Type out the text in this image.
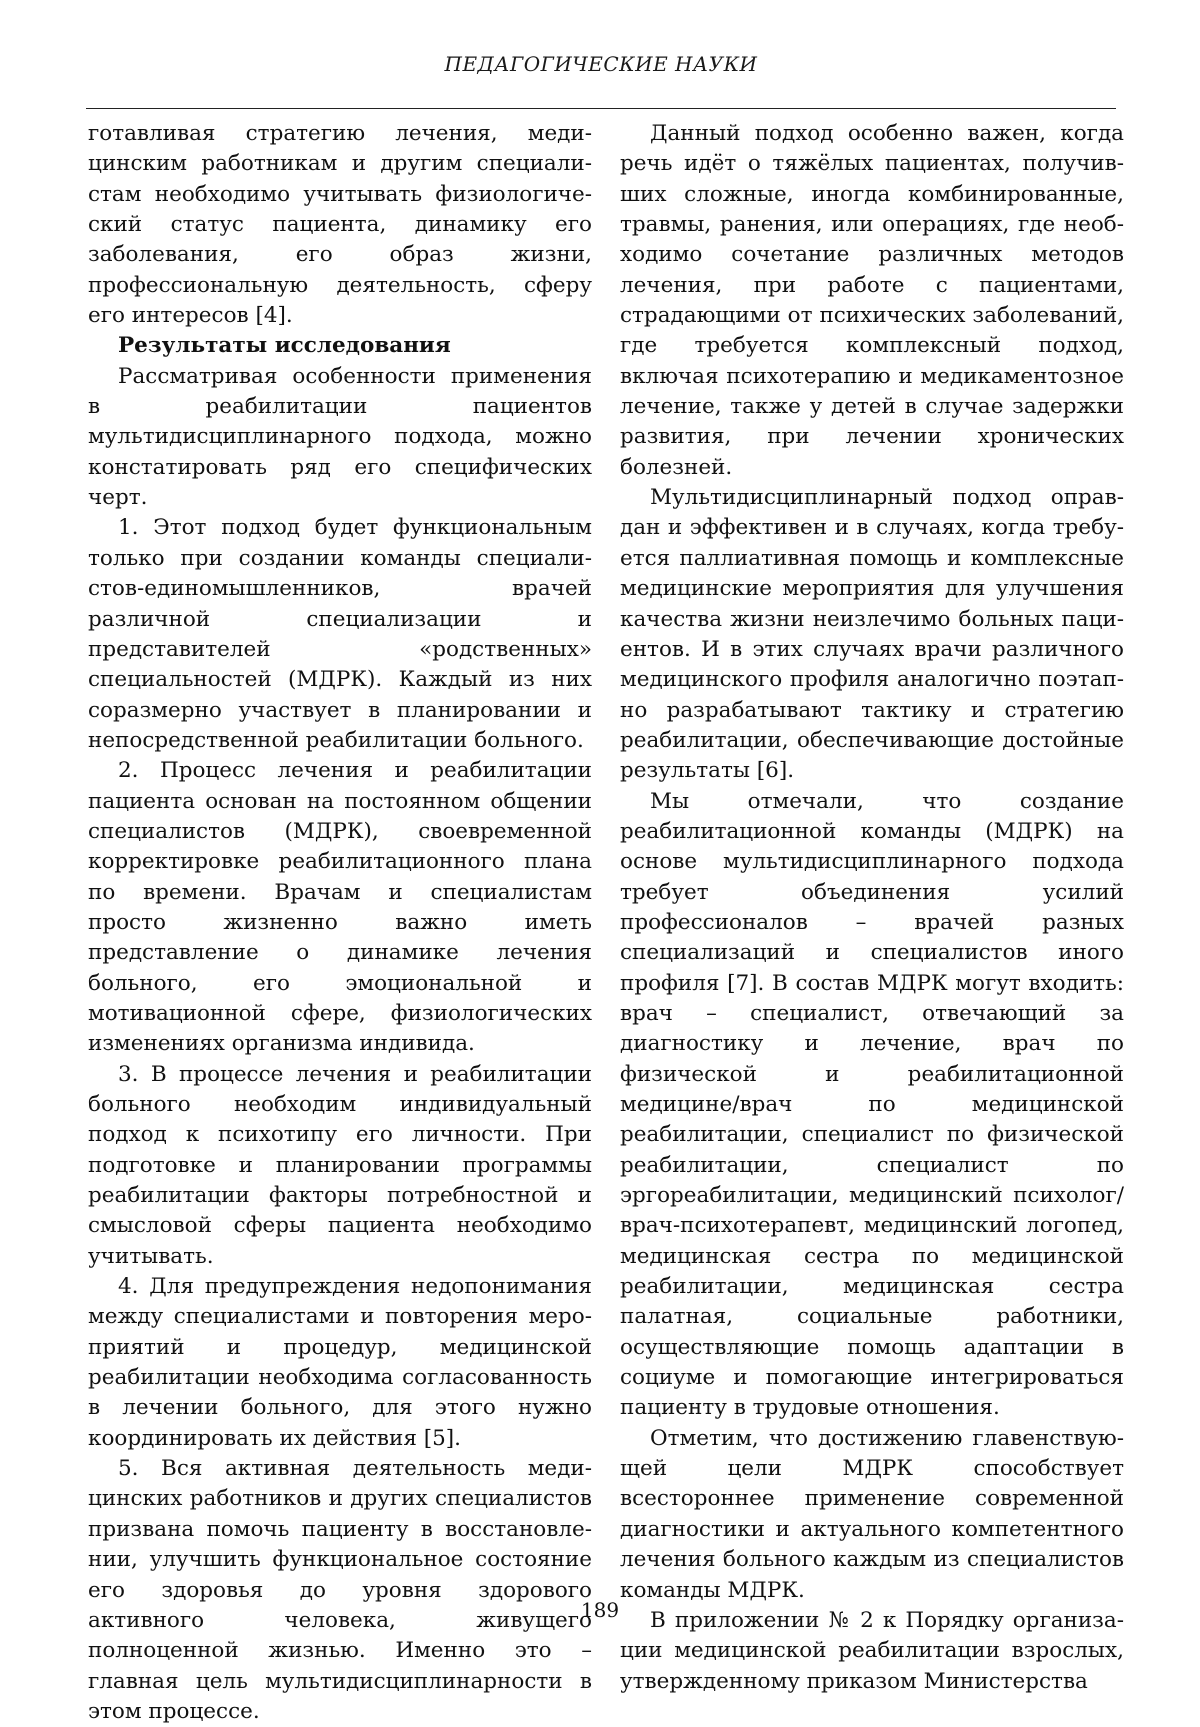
ПЕДАГОГИЧЕСКИЕ НАУКИ

готавливая стратегию лечения, медицинским работникам и другим специалистам необходимо учитывать физиологический статус пациента, динамику его заболевания, его образ жизни, профессиональную деятельность, сферу его интересов [4].

Результаты исследования

Рассматривая особенности применения в реабилитации пациентов мультидисциплинарного подхода, можно констатировать ряд его специфических черт.

1. Этот подход будет функциональным только при создании команды специалистов-единомышленников, врачей различной специализации и представителей «родственных» специальностей (МДРК). Каждый из них соразмерно участвует в планировании и непосредственной реабилитации больного.

2. Процесс лечения и реабилитации пациента основан на постоянном общении специалистов (МДРК), своевременной корректировке реабилитационного плана по времени. Врачам и специалистам просто жизненно важно иметь представление о динамике лечения больного, его эмоциональной и мотивационной сфере, физиологических изменениях организма индивида.

3. В процессе лечения и реабилитации больного необходим индивидуальный подход к психотипу его личности. При подготовке и планировании программы реабилитации факторы потребностной и смысловой сферы пациента необходимо учитывать.

4. Для предупреждения недопонимания между специалистами и повторения мероприятий и процедур, медицинской реабилитации необходима согласованность в лечении больного, для этого нужно координировать их действия [5].

5. Вся активная деятельность медицинских работников и других специалистов призвана помочь пациенту в восстановлении, улучшить функциональное состояние его здоровья до уровня здорового активного человека, живущего полноценной жизнью. Именно это – главная цель мультидисциплинарности в этом процессе.

Данный подход особенно важен, когда речь идёт о тяжёлых пациентах, получивших сложные, иногда комбинированные, травмы, ранения, или операциях, где необходимо сочетание различных методов лечения, при работе с пациентами, страдающими от психических заболеваний, где требуется комплексный подход, включая психотерапию и медикаментозное лечение, также у детей в случае задержки развития, при лечении хронических болезней.

Мультидисциплинарный подход оправдан и эффективен и в случаях, когда требуется паллиативная помощь и комплексные медицинские мероприятия для улучшения качества жизни неизлечимо больных пациентов. И в этих случаях врачи различного медицинского профиля аналогично поэтапно разрабатывают тактику и стратегию реабилитации, обеспечивающие достойные результаты [6].

Мы отмечали, что создание реабилитационной команды (МДРК) на основе мультидисциплинарного подхода требует объединения усилий профессионалов – врачей разных специализаций и специалистов иного профиля [7]. В состав МДРК могут входить: врач – специалист, отвечающий за диагностику и лечение, врач по физической и реабилитационной медицине/врач по медицинской реабилитации, специалист по физической реабилитации, специалист по эргореабилитации, медицинский психолог/ врач-психотерапевт, медицинский логопед, медицинская сестра по медицинской реабилитации, медицинская сестра палатная, социальные работники, осуществляющие помощь адаптации в социуме и помогающие интегрироваться пациенту в трудовые отношения.

Отметим, что достижению главенствующей цели МДРК способствует всестороннее применение современной диагностики и актуального компетентного лечения больного каждым из специалистов команды МДРК.

В приложении № 2 к Порядку организации медицинской реабилитации взрослых, утвержденному приказом Министерства

189
